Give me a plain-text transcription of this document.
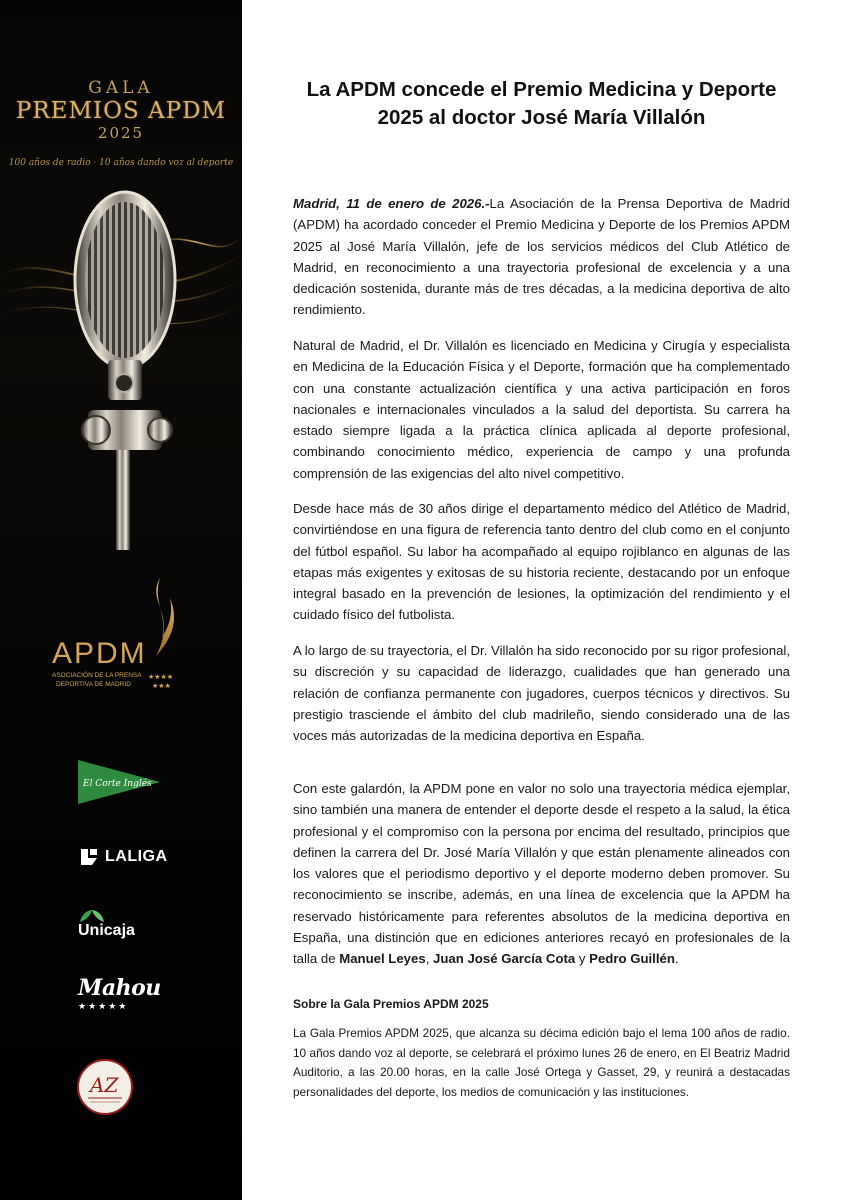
GALA
PREMIOS APDM
2025
100 años de radio · 10 años dando voz al deporte
APDM
ASOCIACIÓN DE LA PRENSA
DEPORTIVA DE MADRID
★★★★
★★★
El Corte Inglés
LALIGA
Unicaja
Mahou
★★★★★
AZ
La APDM concede el Premio Medicina y Deporte 2025 al doctor José María Villalón

Madrid, 11 de enero de 2026.-La Asociación de la Prensa Deportiva de Madrid (APDM) ha acordado conceder el Premio Medicina y Deporte de los Premios APDM 2025 al José María Villalón, jefe de los servicios médicos del Club Atlético de Madrid, en reconocimiento a una trayectoria profesional de excelencia y a una dedicación sostenida, durante más de tres décadas, a la medicina deportiva de alto rendimiento.

Natural de Madrid, el Dr. Villalón es licenciado en Medicina y Cirugía y especialista en Medicina de la Educación Física y el Deporte, formación que ha complementado con una constante actualización científica y una activa participación en foros nacionales e internacionales vinculados a la salud del deportista. Su carrera ha estado siempre ligada a la práctica clínica aplicada al deporte profesional, combinando conocimiento médico, experiencia de campo y una profunda comprensión de las exigencias del alto nivel competitivo.

Desde hace más de 30 años dirige el departamento médico del Atlético de Madrid, convirtiéndose en una figura de referencia tanto dentro del club como en el conjunto del fútbol español. Su labor ha acompañado al equipo rojiblanco en algunas de las etapas más exigentes y exitosas de su historia reciente, destacando por un enfoque integral basado en la prevención de lesiones, la optimización del rendimiento y el cuidado físico del futbolista.

A lo largo de su trayectoria, el Dr. Villalón ha sido reconocido por su rigor profesional, su discreción y su capacidad de liderazgo, cualidades que han generado una relación de confianza permanente con jugadores, cuerpos técnicos y directivos. Su prestigio trasciende el ámbito del club madrileño, siendo considerado una de las voces más autorizadas de la medicina deportiva en España.

Con este galardón, la APDM pone en valor no solo una trayectoria médica ejemplar, sino también una manera de entender el deporte desde el respeto a la salud, la ética profesional y el compromiso con la persona por encima del resultado, principios que definen la carrera del Dr. José María Villalón y que están plenamente alineados con los valores que el periodismo deportivo y el deporte moderno deben promover. Su reconocimiento se inscribe, además, en una línea de excelencia que la APDM ha reservado históricamente para referentes absolutos de la medicina deportiva en España, una distinción que en ediciones anteriores recayó en profesionales de la talla de Manuel Leyes, Juan José García Cota y Pedro Guillén.

Sobre la Gala Premios APDM 2025

La Gala Premios APDM 2025, que alcanza su décima edición bajo el lema 100 años de radio. 10 años dando voz al deporte, se celebrará el próximo lunes 26 de enero, en El Beatriz Madrid Auditorio, a las 20.00 horas, en la calle José Ortega y Gasset, 29, y reunirá a destacadas personalidades del deporte, los medios de comunicación y las instituciones.
